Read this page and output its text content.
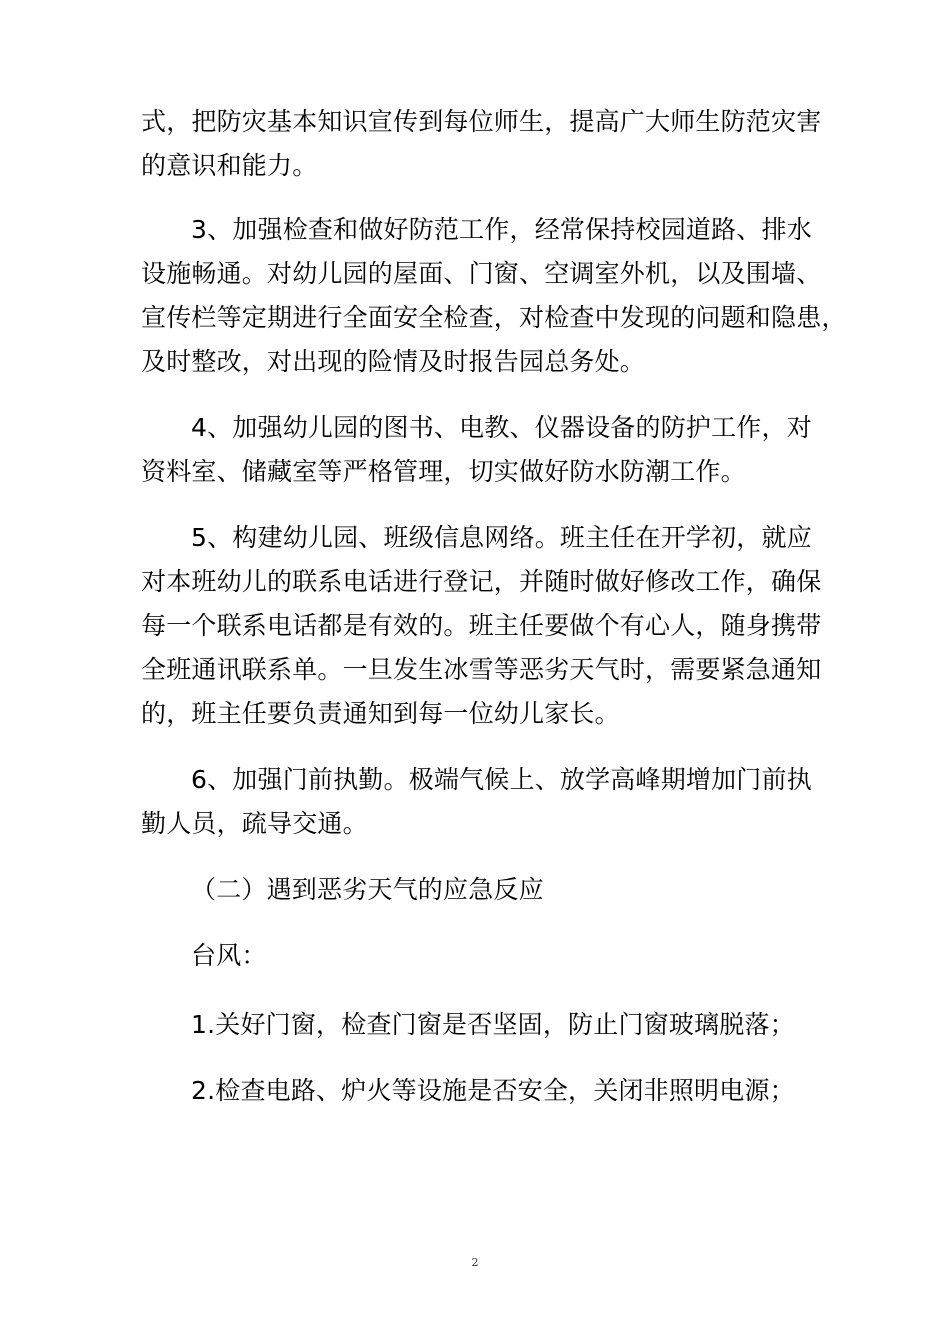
式，把防灾基本知识宣传到每位师生，提高广大师生防范灾害
的意识和能力。
3、加强检查和做好防范工作，经常保持校园道路、排水
设施畅通。对幼儿园的屋面、门窗、空调室外机，以及围墙、
宣传栏等定期进行全面安全检查，对检查中发现的问题和隐患，
及时整改，对出现的险情及时报告园总务处。
4、加强幼儿园的图书、电教、仪器设备的防护工作，对
资料室、储藏室等严格管理，切实做好防水防潮工作。
5、构建幼儿园、班级信息网络。班主任在开学初，就应
对本班幼儿的联系电话进行登记，并随时做好修改工作，确保
每一个联系电话都是有效的。班主任要做个有心人，随身携带
全班通讯联系单。一旦发生冰雪等恶劣天气时，需要紧急通知
的，班主任要负责通知到每一位幼儿家长。
6、加强门前执勤。极端气候上、放学高峰期增加门前执
勤人员，疏导交通。
（二）遇到恶劣天气的应急反应
台风：
1.关好门窗，检查门窗是否坚固，防止门窗玻璃脱落；
2.检查电路、炉火等设施是否安全，关闭非照明电源；
2
